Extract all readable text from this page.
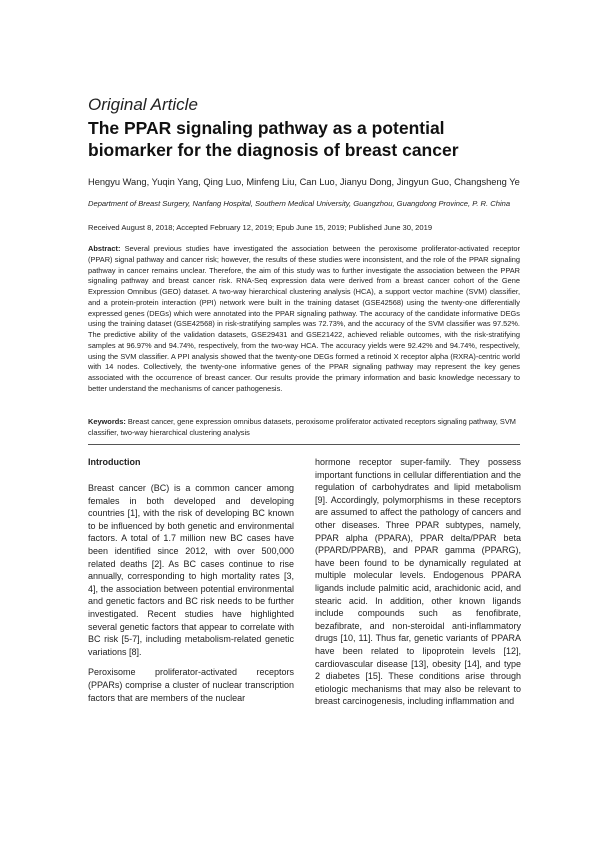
Original Article
The PPAR signaling pathway as a potential biomarker for the diagnosis of breast cancer
Hengyu Wang, Yuqin Yang, Qing Luo, Minfeng Liu, Can Luo, Jianyu Dong, Jingyun Guo, Changsheng Ye
Department of Breast Surgery, Nanfang Hospital, Southern Medical University, Guangzhou, Guangdong Province, P. R. China
Received August 8, 2018; Accepted February 12, 2019; Epub June 15, 2019; Published June 30, 2019

Abstract: Several previous studies have investigated the association between the peroxisome proliferator-activated receptor (PPAR) signal pathway and cancer risk; however, the results of these studies were inconsistent, and the role of the PPAR signaling pathway in cancer remains unclear. Therefore, the aim of this study was to further investigate the association between the PPAR signaling pathway and breast cancer risk. RNA-Seq expression data were derived from a breast cancer cohort of the Gene Expression Omnibus (GEO) dataset. A two-way hierarchical clustering analysis (HCA), a support vector machine (SVM) classifier, and a protein-protein interaction (PPI) network were built in the training dataset (GSE42568) using the twenty-one differentially expressed genes (DEGs) which were annotated into the PPAR signaling pathway. The accuracy of the candidate informative DEGs using the training dataset (GSE42568) in risk-stratifying samples was 72.73%, and the accuracy of the SVM classifier was 97.52%. The predictive ability of the validation datasets, GSE29431 and GSE21422, achieved reliable outcomes, with the risk-stratifying samples at 96.97% and 94.74%, respectively, from the two-way HCA. The accuracy yields were 92.42% and 94.74%, respectively, using the SVM classifier. A PPI analysis showed that the twenty-one DEGs formed a retinoid X receptor alpha (RXRA)-centric world with 14 nodes. Collectively, the twenty-one informative genes of the PPAR signaling pathway may represent the key genes associated with the occurrence of breast cancer. Our results provide the primary information and basic knowledge necessary to better understand the mechanisms of cancer pathogenesis.

Keywords: Breast cancer, gene expression omnibus datasets, peroxisome proliferator activated receptors signaling pathway, SVM classifier, two-way hierarchical clustering analysis

Introduction

Breast cancer (BC) is a common cancer among females in both developed and developing countries [1], with the risk of developing BC known to be influenced by both genetic and environmental factors. A total of 1.7 million new BC cases have been identified since 2012, with over 500,000 related deaths [2]. As BC cases continue to rise annually, corresponding to high mortality rates [3, 4], the association between potential environmental and genetic factors and BC risk needs to be further investigated. Recent studies have highlighted several genetic factors that appear to correlate with BC risk [5-7], including metabolism-related genetic variations [8].

Peroxisome proliferator-activated receptors (PPARs) comprise a cluster of nuclear transcription factors that are members of the nuclear

hormone receptor super-family. They possess important functions in cellular differentiation and the regulation of carbohydrates and lipid metabolism [9]. Accordingly, polymorphisms in these receptors are assumed to affect the pathology of cancers and other diseases. Three PPAR subtypes, namely, PPAR alpha (PPARA), PPAR delta/PPAR beta (PPARD/PPARB), and PPAR gamma (PPARG), have been found to be dynamically regulated at multiple molecular levels. Endogenous PPARA ligands include palmitic acid, arachidonic acid, and stearic acid. In addition, other known ligands include compounds such as fenofibrate, bezafibrate, and non-steroidal anti-inflammatory drugs [10, 11]. Thus far, genetic variants of PPARA have been related to lipoprotein levels [12], cardiovascular disease [13], obesity [14], and type 2 diabetes [15]. These conditions arise through etiologic mechanisms that may also be relevant to breast carcinogenesis, including inflammation and
